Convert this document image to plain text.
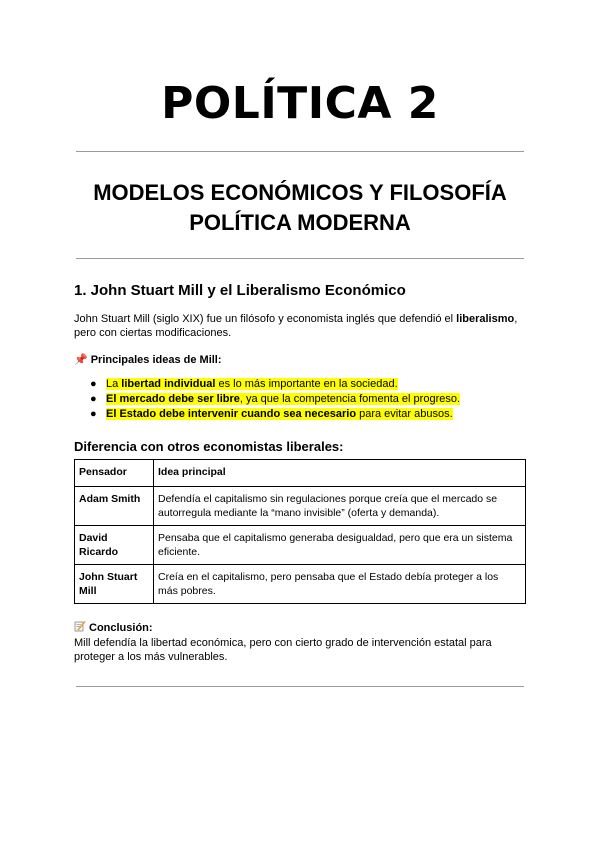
POLÍTICA 2
MODELOS ECONÓMICOS Y FILOSOFÍA POLÍTICA MODERNA
1. John Stuart Mill y el Liberalismo Económico

John Stuart Mill (siglo XIX) fue un filósofo y economista inglés que defendió el liberalismo, pero con ciertas modificaciones.

📌 Principales ideas de Mill:

● La libertad individual es lo más importante en la sociedad.
● El mercado debe ser libre, ya que la competencia fomenta el progreso.
● El Estado debe intervenir cuando sea necesario para evitar abusos.
Diferencia con otros economistas liberales:
Pensador	Idea principal
Adam Smith	Defendía el capitalismo sin regulaciones porque creía que el mercado se autorregula mediante la “mano invisible” (oferta y demanda).
David Ricardo	Pensaba que el capitalismo generaba desigualdad, pero que era un sistema eficiente.
John Stuart Mill	Creía en el capitalismo, pero pensaba que el Estado debía proteger a los más pobres.

Conclusión:

Mill defendía la libertad económica, pero con cierto grado de intervención estatal para proteger a los más vulnerables.
